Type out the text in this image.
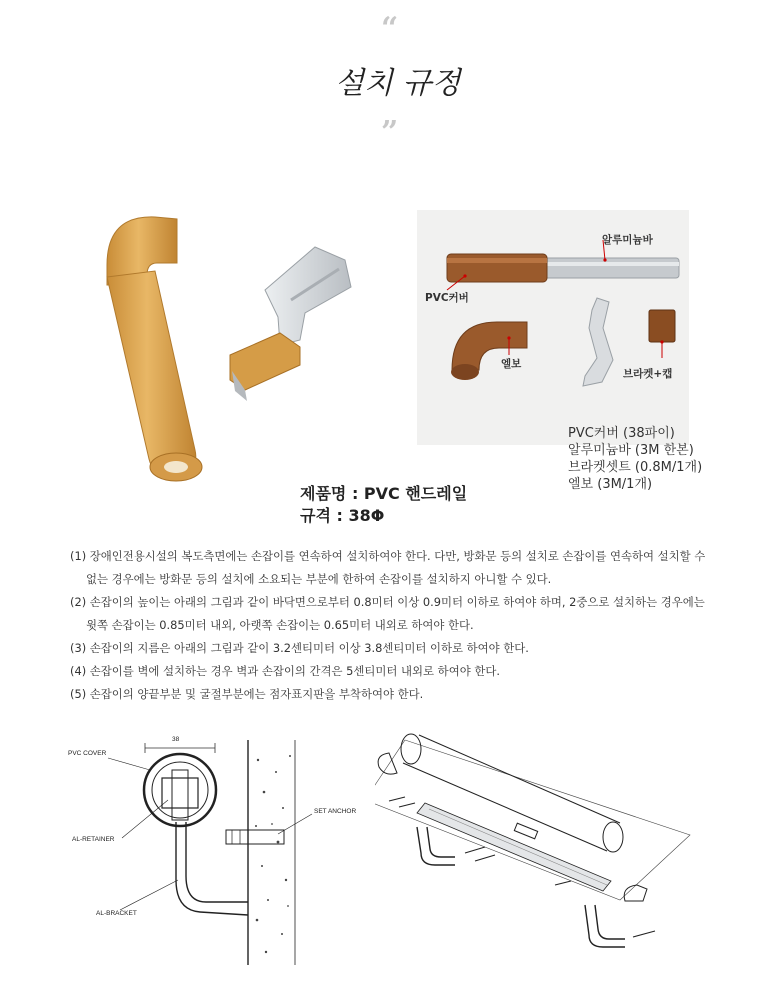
“
설치 규정
”
알루미늄바
PVC커버
엘보
브라켓+캡
PVC커버 (38파이)
알루미늄바 (3M 한본)
브라켓셋트 (0.8M/1개)
엘보 (3M/1개)
제품명 : PVC 핸드레일
규격 : 38Φ
(1) 장애인전용시설의 복도측면에는 손잡이를 연속하여 설치하여야 한다. 다만, 방화문 등의 설치로 손잡이를 연속하여 설치할 수
없는 경우에는 방화문 등의 설치에 소요되는 부분에 한하여 손잡이를 설치하지 아니할 수 있다.
(2) 손잡이의 높이는 아래의 그림과 같이 바닥면으로부터 0.8미터 이상 0.9미터 이하로 하여야 하며, 2중으로 설치하는 경우에는
윗쪽 손잡이는 0.85미터 내외, 아랫쪽 손잡이는 0.65미터 내외로 하여야 한다.
(3) 손잡이의 지름은 아래의 그림과 같이 3.2센티미터 이상 3.8센티미터 이하로 하여야 한다.
(4) 손잡이를 벽에 설치하는 경우 벽과 손잡이의 간격은 5센티미터 내외로 하여야 한다.
(5) 손잡이의 양끝부분 및 굴절부분에는 점자표지판을 부착하여야 한다.
38
PVC COVER
AL-RETAINER
AL-BRACKET
SET ANCHOR
